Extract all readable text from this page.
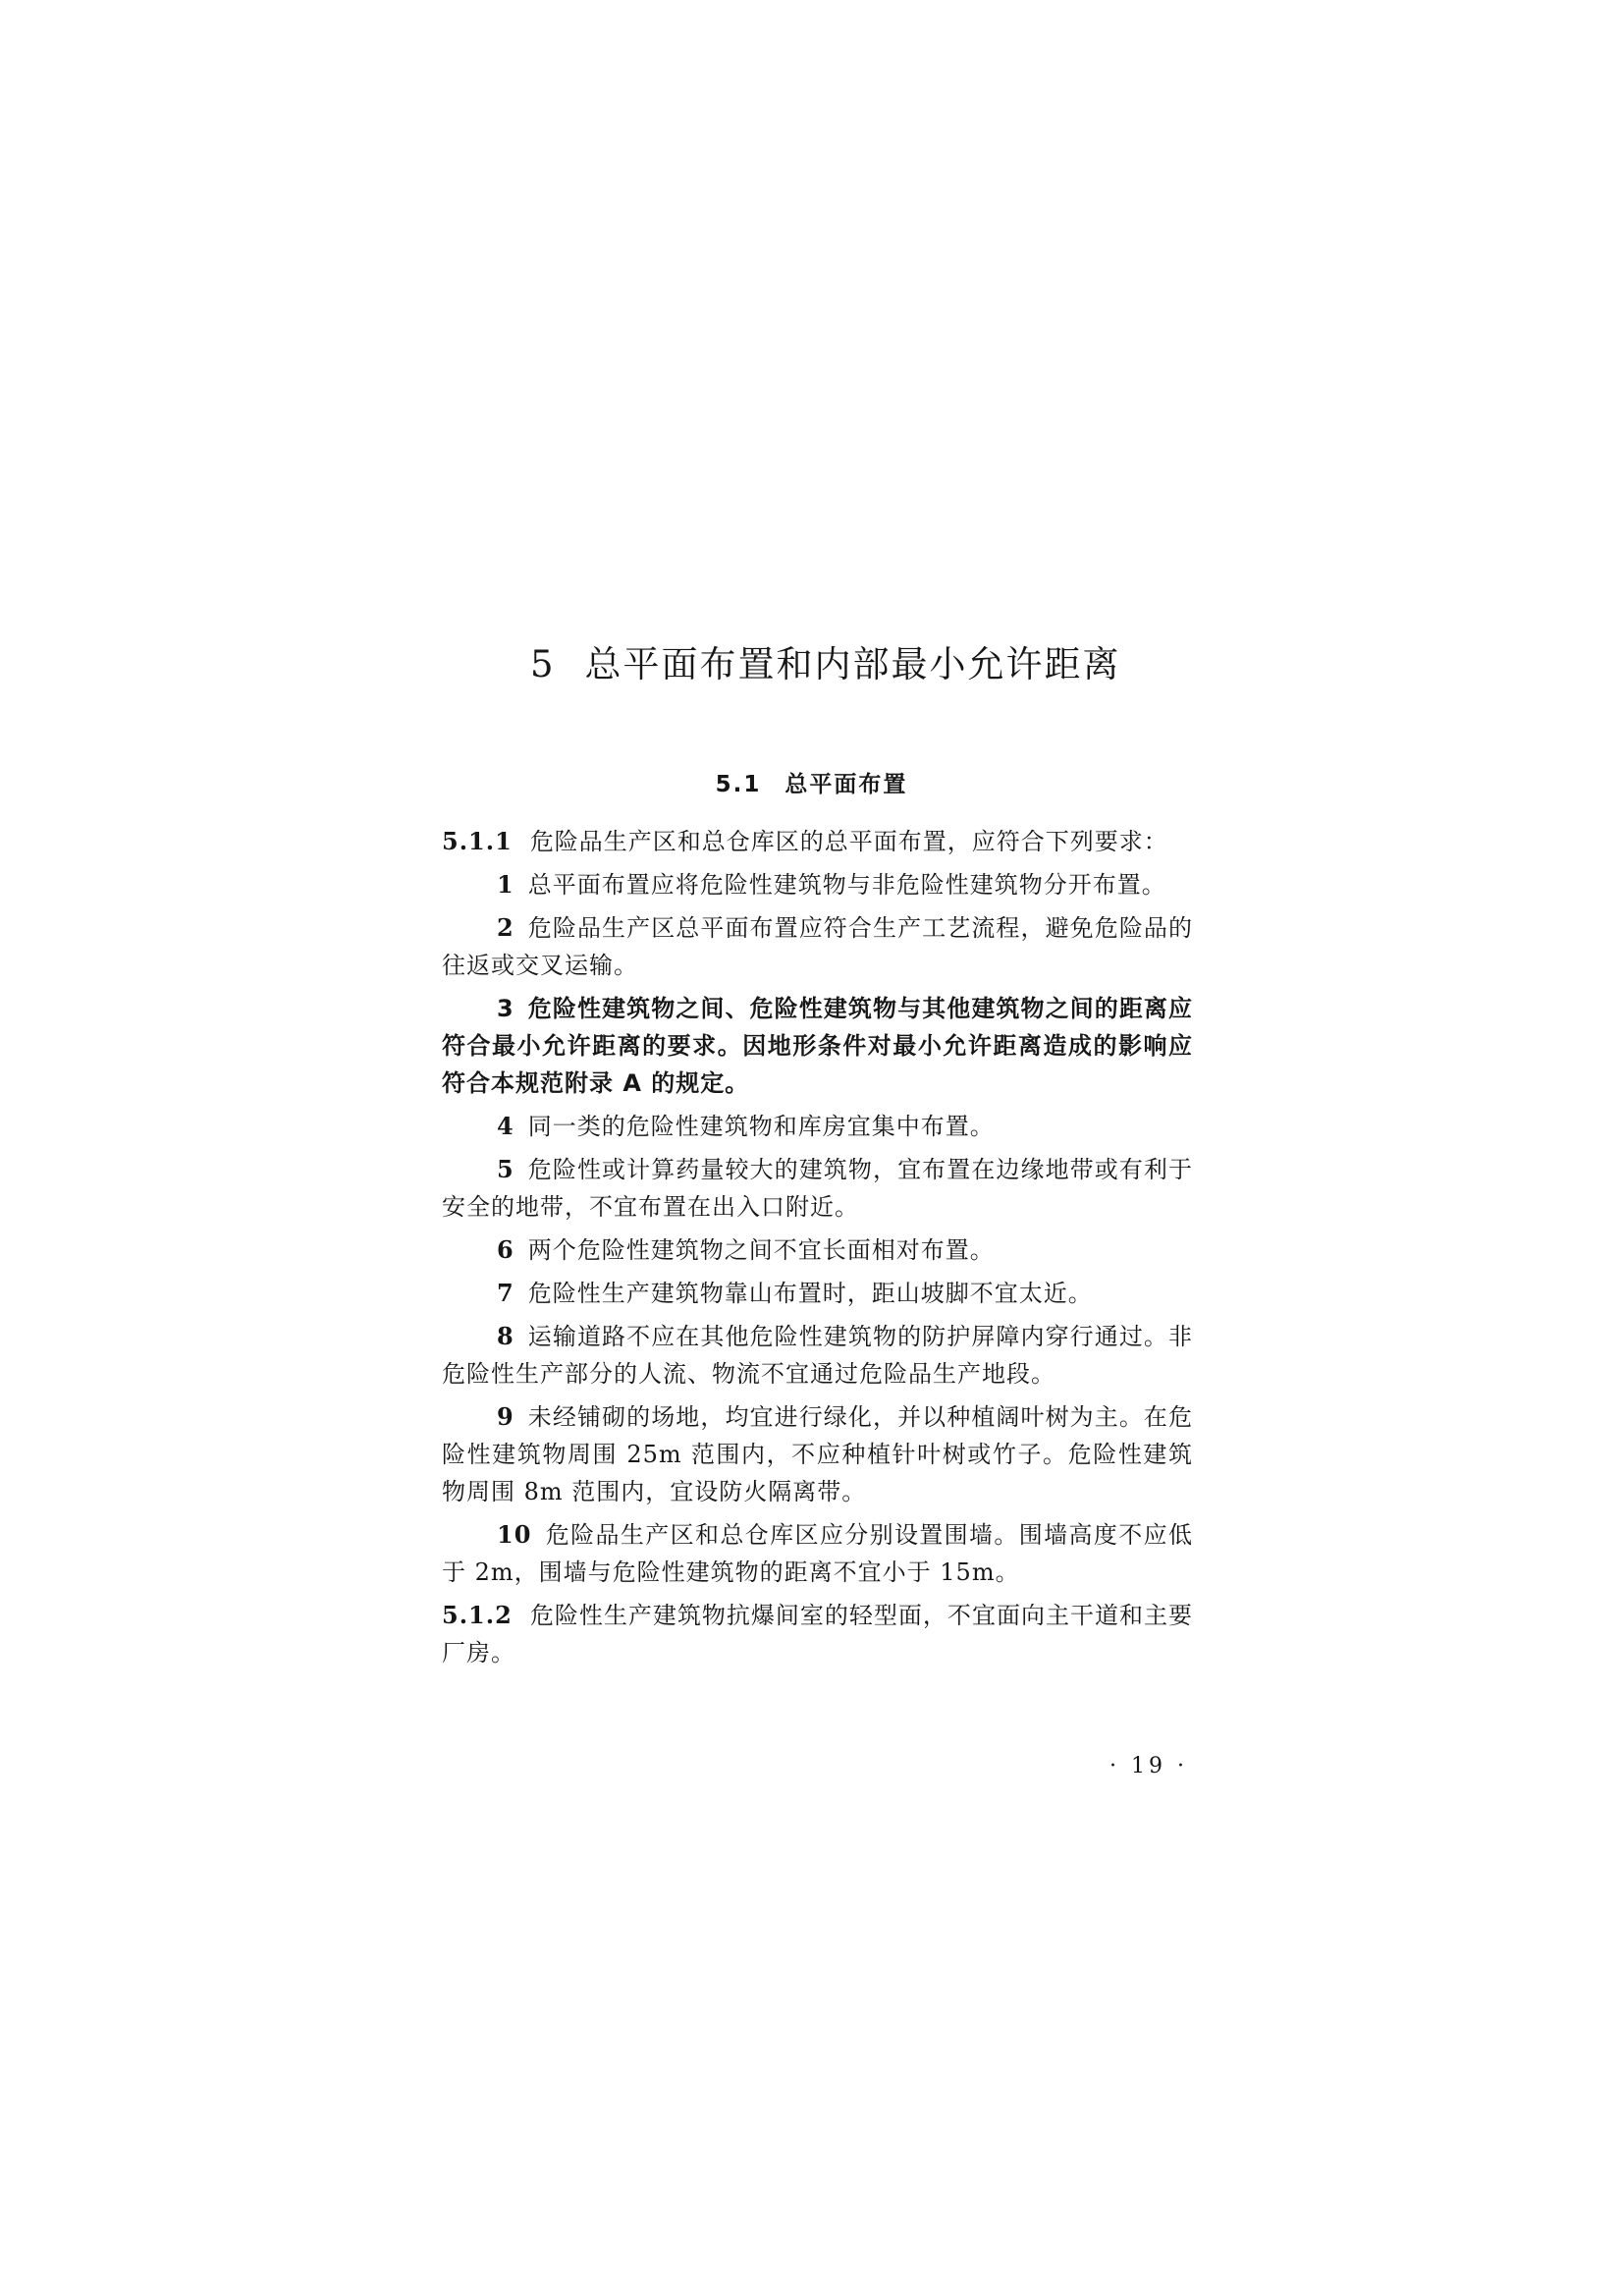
5 总平面布置和内部最小允许距离
5.1 总平面布置

5.1.1 危险品生产区和总仓库区的总平面布置，应符合下列要求：

1 总平面布置应将危险性建筑物与非危险性建筑物分开布置。

2 危险品生产区总平面布置应符合生产工艺流程，避免危险品的往返或交叉运输。

3 危险性建筑物之间、危险性建筑物与其他建筑物之间的距离应符合最小允许距离的要求。因地形条件对最小允许距离造成的影响应符合本规范附录 A 的规定。

4 同一类的危险性建筑物和库房宜集中布置。

5 危险性或计算药量较大的建筑物，宜布置在边缘地带或有利于安全的地带，不宜布置在出入口附近。

6 两个危险性建筑物之间不宜长面相对布置。

7 危险性生产建筑物靠山布置时，距山坡脚不宜太近。

8 运输道路不应在其他危险性建筑物的防护屏障内穿行通过。非危险性生产部分的人流、物流不宜通过危险品生产地段。

9 未经铺砌的场地，均宜进行绿化，并以种植阔叶树为主。在危险性建筑物周围 25m 范围内，不应种植针叶树或竹子。危险性建筑物周围 8m 范围内，宜设防火隔离带。

10 危险品生产区和总仓库区应分别设置围墙。围墙高度不应低于 2m，围墙与危险性建筑物的距离不宜小于 15m。

5.1.2 危险性生产建筑物抗爆间室的轻型面，不宜面向主干道和主要厂房。

· 19 ·
